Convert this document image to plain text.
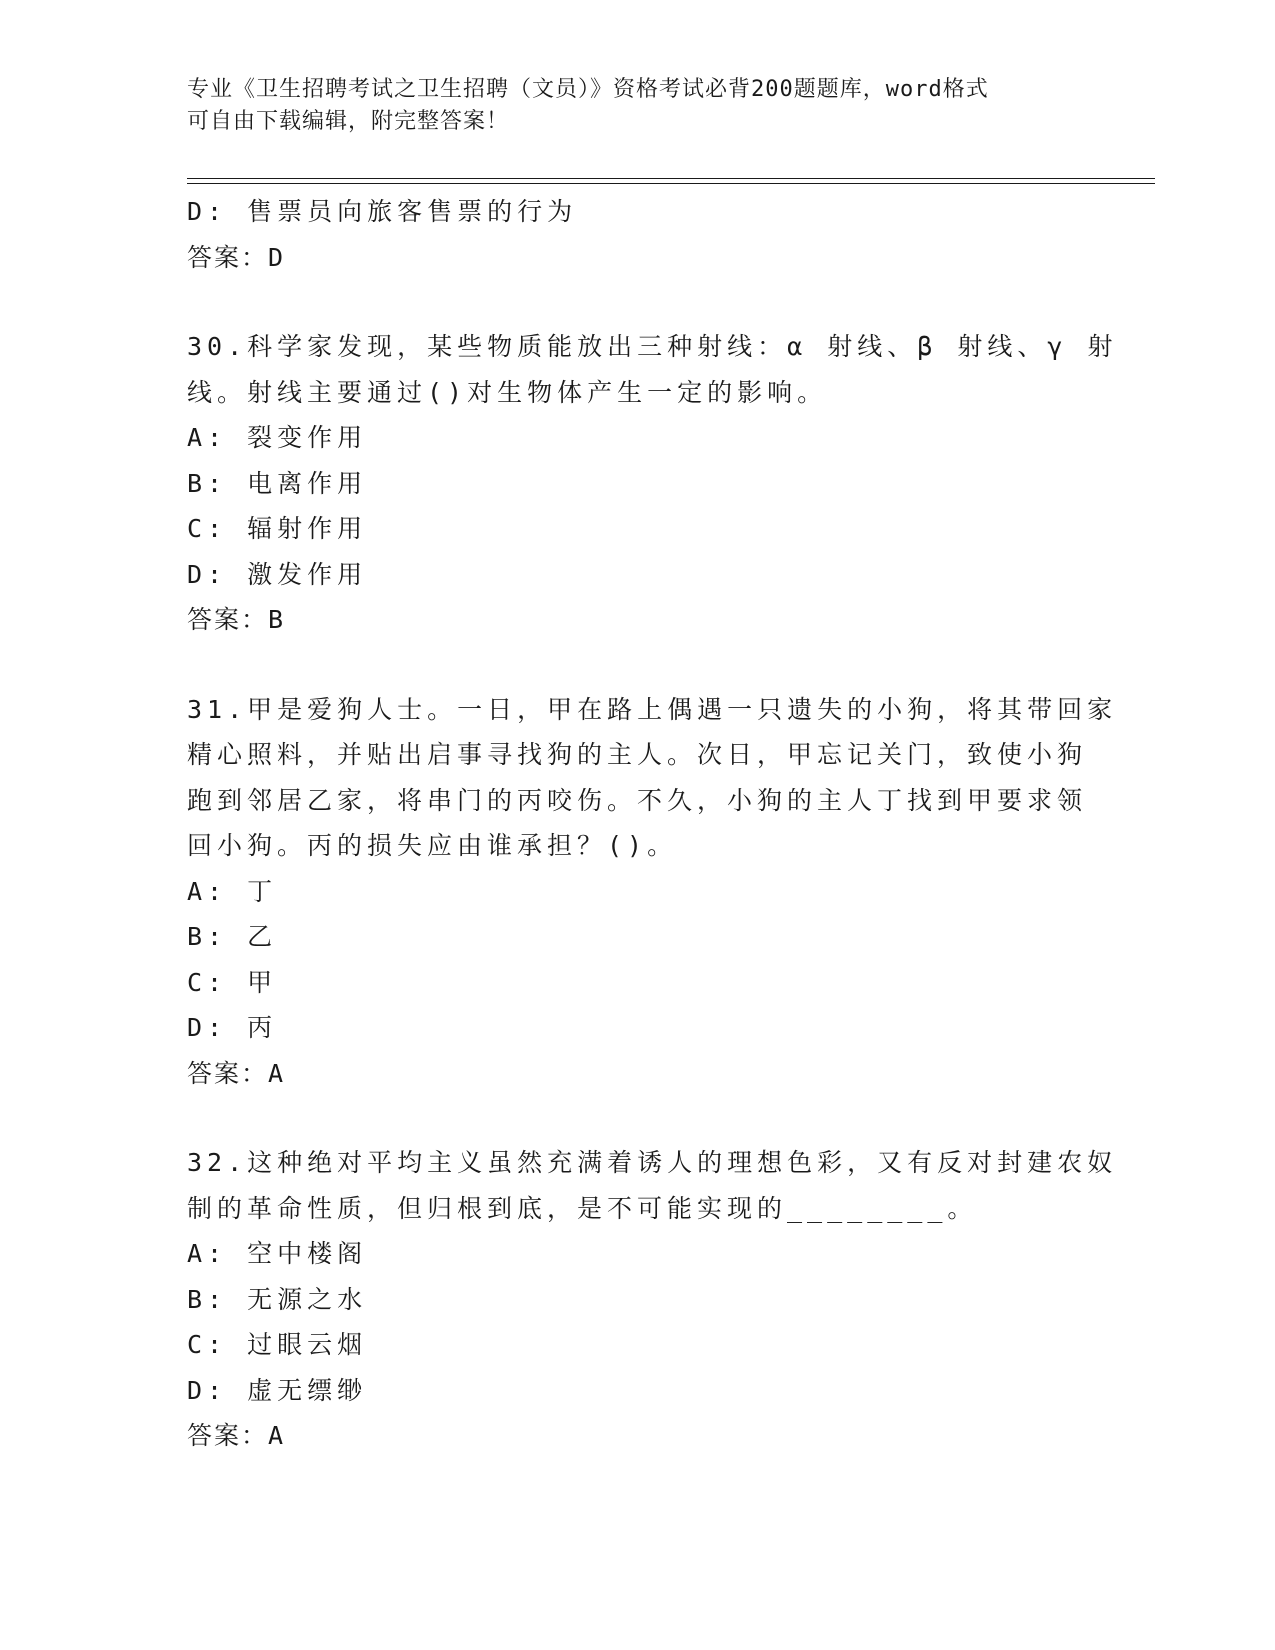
专业《卫生招聘考试之卫生招聘（文员）》资格考试必背200题题库，word格式
可自由下载编辑，附完整答案！
D: 售票员向旅客售票的行为
答案：D
30.科学家发现，某些物质能放出三种射线：α 射线、β 射线、γ 射
线。射线主要通过()对生物体产生一定的影响。
A: 裂变作用
B: 电离作用
C: 辐射作用
D: 激发作用
答案：B
31.甲是爱狗人士。一日，甲在路上偶遇一只遗失的小狗，将其带回家
精心照料，并贴出启事寻找狗的主人。次日，甲忘记关门，致使小狗
跑到邻居乙家，将串门的丙咬伤。不久，小狗的主人丁找到甲要求领
回小狗。丙的损失应由谁承担？()。
A: 丁
B: 乙
C: 甲
D: 丙
答案：A
32.这种绝对平均主义虽然充满着诱人的理想色彩，又有反对封建农奴
制的革命性质，但归根到底，是不可能实现的________。
A: 空中楼阁
B: 无源之水
C: 过眼云烟
D: 虚无缥缈
答案：A
